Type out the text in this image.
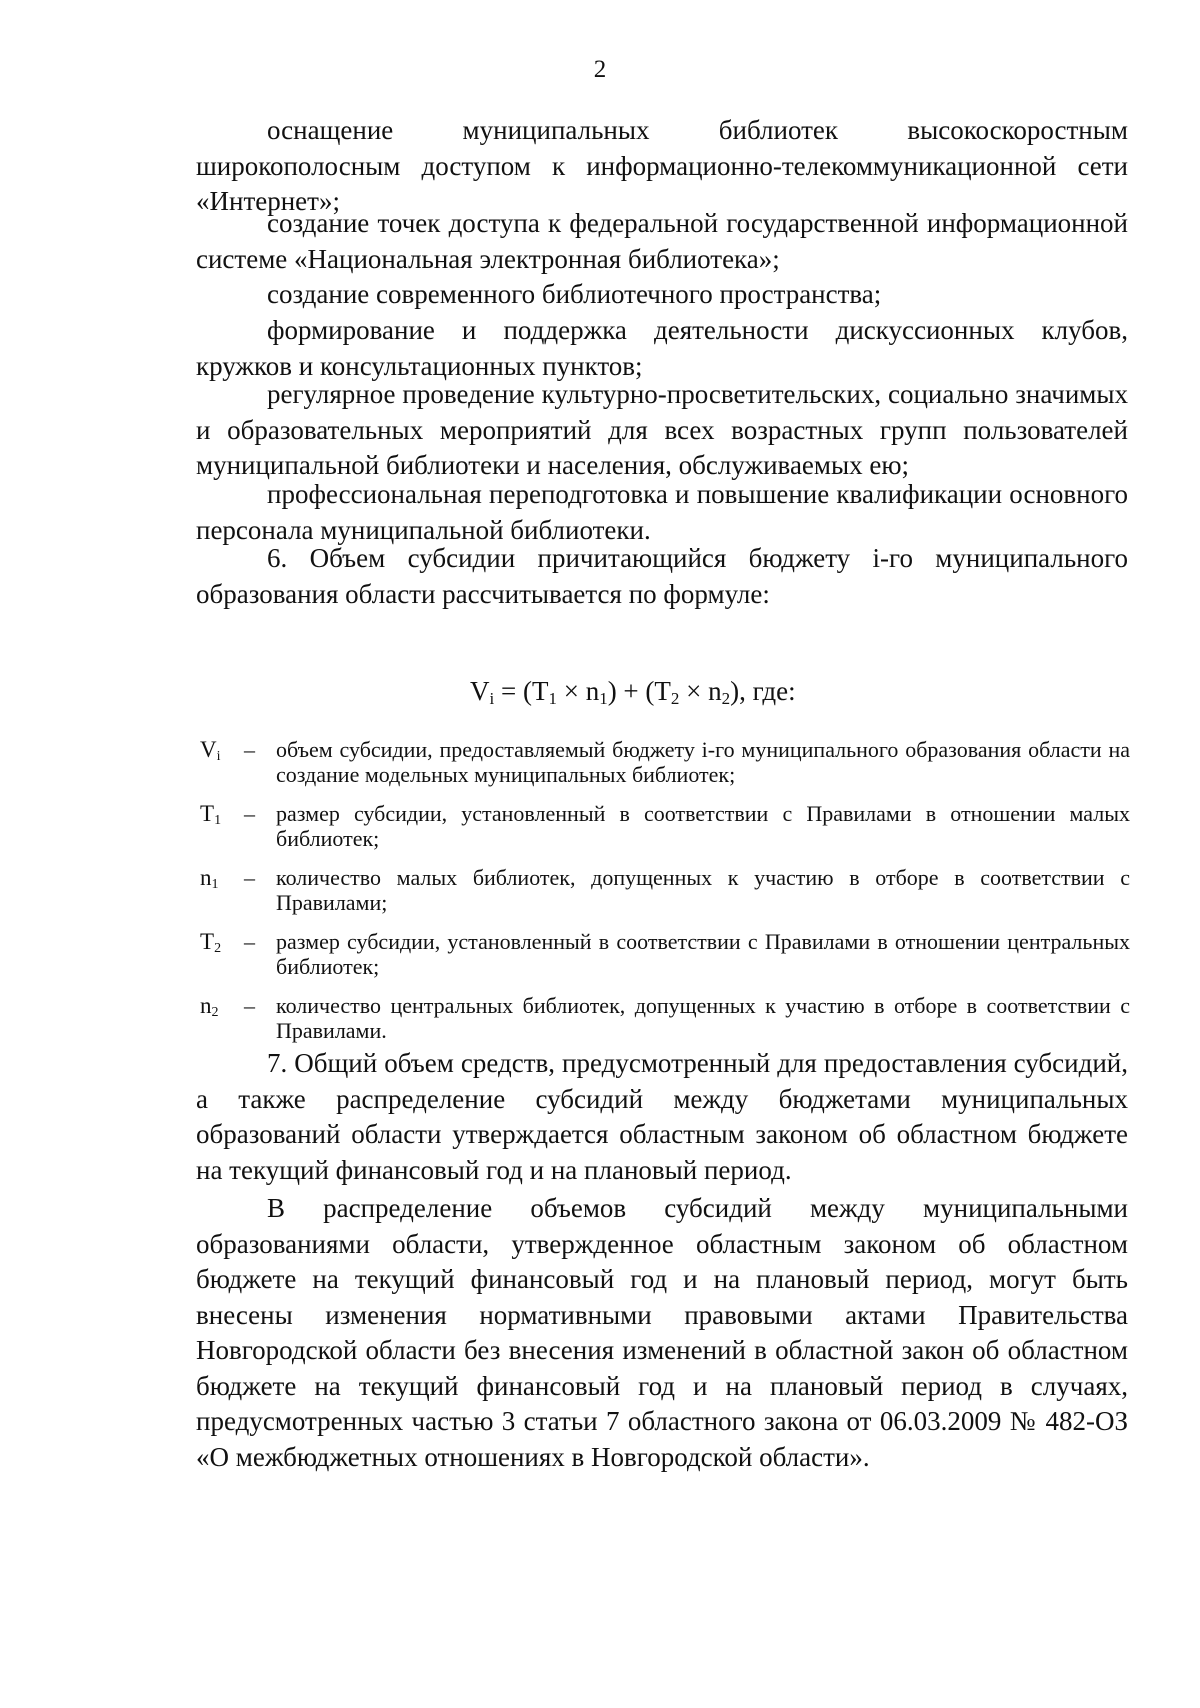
2

оснащение муниципальных библиотек высокоскоростным широкополосным доступом к информационно-телекоммуникационной сети «Интернет»;

создание точек доступа к федеральной государственной информационной системе «Национальная электронная библиотека»;

создание современного библиотечного пространства;

формирование и поддержка деятельности дискуссионных клубов, кружков и консультационных пунктов;

регулярное проведение культурно-просветительских, социально значимых и образовательных мероприятий для всех возрастных групп пользователей муниципальной библиотеки и населения, обслуживаемых ею;

профессиональная переподготовка и повышение квалификации основного персонала муниципальной библиотеки.

6. Объем субсидии причитающийся бюджету i-го муниципального образования области рассчитывается по формуле:

$V_i = (T_1 \times n_1) + (T_2 \times n_2)$, где:
$V_i$	– объем субсидии, предоставляемый бюджету i-го муниципального образования области на создание модельных муниципальных библиотек;
$T_1$	– размер субсидии, установленный в соответствии с Правилами в отношении малых библиотек;
$n_1$	– количество малых библиотек, допущенных к участию в отборе в соответствии с Правилами;
$T_2$	– размер субсидии, установленный в соответствии с Правилами в отношении центральных библиотек;
$n_2$	– количество центральных библиотек, допущенных к участию в отборе в соответствии с Правилами.

7. Общий объем средств, предусмотренный для предоставления субсидий, а также распределение субсидий между бюджетами муниципальных образований области утверждается областным законом об областном бюджете на текущий финансовый год и на плановый период.

В распределение объемов субсидий между муниципальными образованиями области, утвержденное областным законом об областном бюджете на текущий финансовый год и на плановый период, могут быть внесены изменения нормативными правовыми актами Правительства Новгородской области без внесения изменений в областной закон об областном бюджете на текущий финансовый год и на плановый период в случаях, предусмотренных частью 3 статьи 7 областного закона от 06.03.2009 № 482-ОЗ «О межбюджетных отношениях в Новгородской области».
